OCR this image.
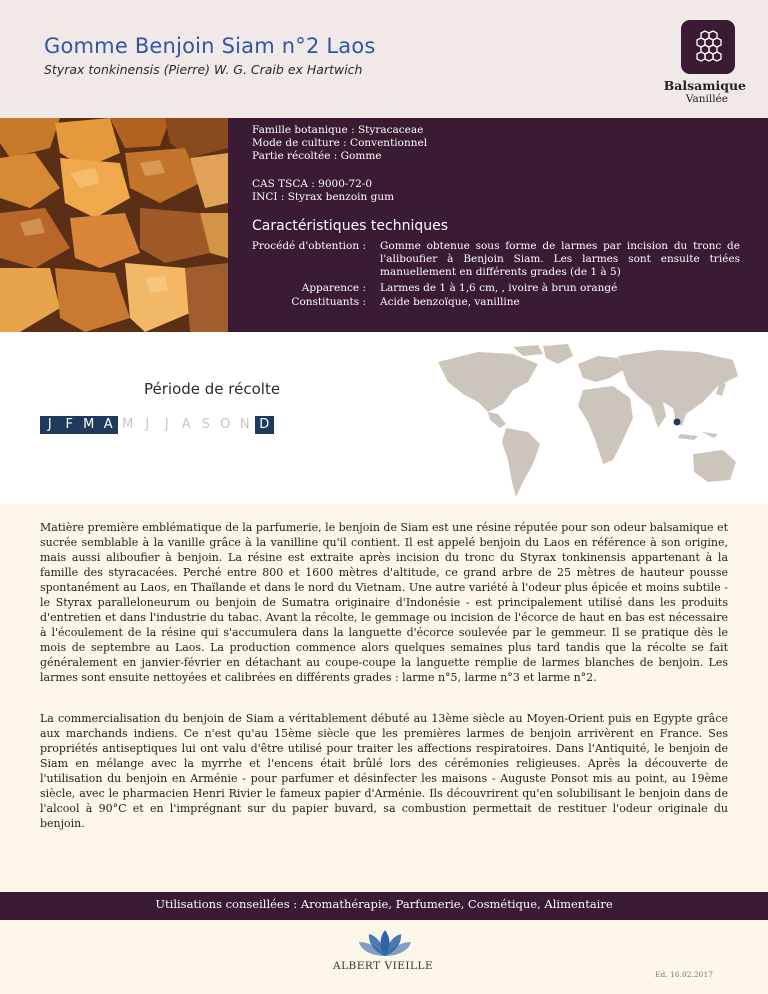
Gomme Benjoin Siam n°2 Laos
Styrax tonkinensis (Pierre) W. G. Craib ex Hartwich
Balsamique
Vanillée
Famille botanique : Styracaceae
Mode de culture : Conventionnel
Partie récoltée : Gomme
CAS TSCA : 9000-72-0
INCI : Styrax benzoin gum
Caractéristiques techniques
Procédé d'obtention : Gomme obtenue sous forme de larmes par incision du tronc de l'aliboufier à Benjoin Siam. Les larmes sont ensuite triées manuellement en différents grades (de 1 à 5)
Apparence : Larmes de 1 à 1,6 cm, , ivoire à brun orangé
Constituants : Acide benzoïque, vanilline
Période de récolte
J	F M A M J	J	A S O N D

Matière première emblématique de la parfumerie, le benjoin de Siam est une résine réputée pour son odeur balsamique et sucrée semblable à la vanille grâce à la vanilline qu'il contient. Il est appelé benjoin du Laos en référence à son origine, mais aussi aliboufier à benjoin. La résine est extraite après incision du tronc du Styrax tonkinensis appartenant à la famille des styracacées. Perché entre 800 et 1600 mètres d'altitude, ce grand arbre de 25 mètres de hauteur pousse spontanément au Laos, en Thaïlande et dans le nord du Vietnam. Une autre variété à l'odeur plus épicée et moins subtile - le Styrax paralleloneurum ou benjoin de Sumatra originaire d'Indonésie - est principalement utilisé dans les produits d'entretien et dans l'industrie du tabac. Avant la récolte, le gemmage ou incision de l'écorce de haut en bas est nécessaire à l'écoulement de la résine qui s'accumulera dans la languette d'écorce soulevée par le gemmeur. Il se pratique dès le mois de septembre au Laos. La production commence alors quelques semaines plus tard tandis que la récolte se fait généralement en janvier-février en détachant au coupe-coupe la languette remplie de larmes blanches de benjoin. Les larmes sont ensuite nettoyées et calibrées en différents grades : larme n°5, larme n°3 et larme n°2.

La commercialisation du benjoin de Siam a véritablement débuté au 13ème siècle au Moyen-Orient puis en Egypte grâce aux marchands indiens. Ce n'est qu'au 15ème siècle que les premières larmes de benjoin arrivèrent en France. Ses propriétés antiseptiques lui ont valu d'être utilisé pour traiter les affections respiratoires. Dans l'Antiquité, le benjoin de Siam en mélange avec la myrrhe et l'encens était brûlé lors des cérémonies religieuses. Après la découverte de l'utilisation du benjoin en Arménie - pour parfumer et désinfecter les maisons - Auguste Ponsot mis au point, au 19ème siècle, avec le pharmacien Henri Rivier le fameux papier d'Arménie. Ils découvrirent qu'en solubilisant le benjoin dans de l'alcool à 90°C et en l'imprégnant sur du papier buvard, sa combustion permettait de restituer l'odeur originale du benjoin.

Utilisations conseillées : Aromathérapie, Parfumerie, Cosmétique, Alimentaire
ALBERT VIEILLE
Ed. 16.02.2017
